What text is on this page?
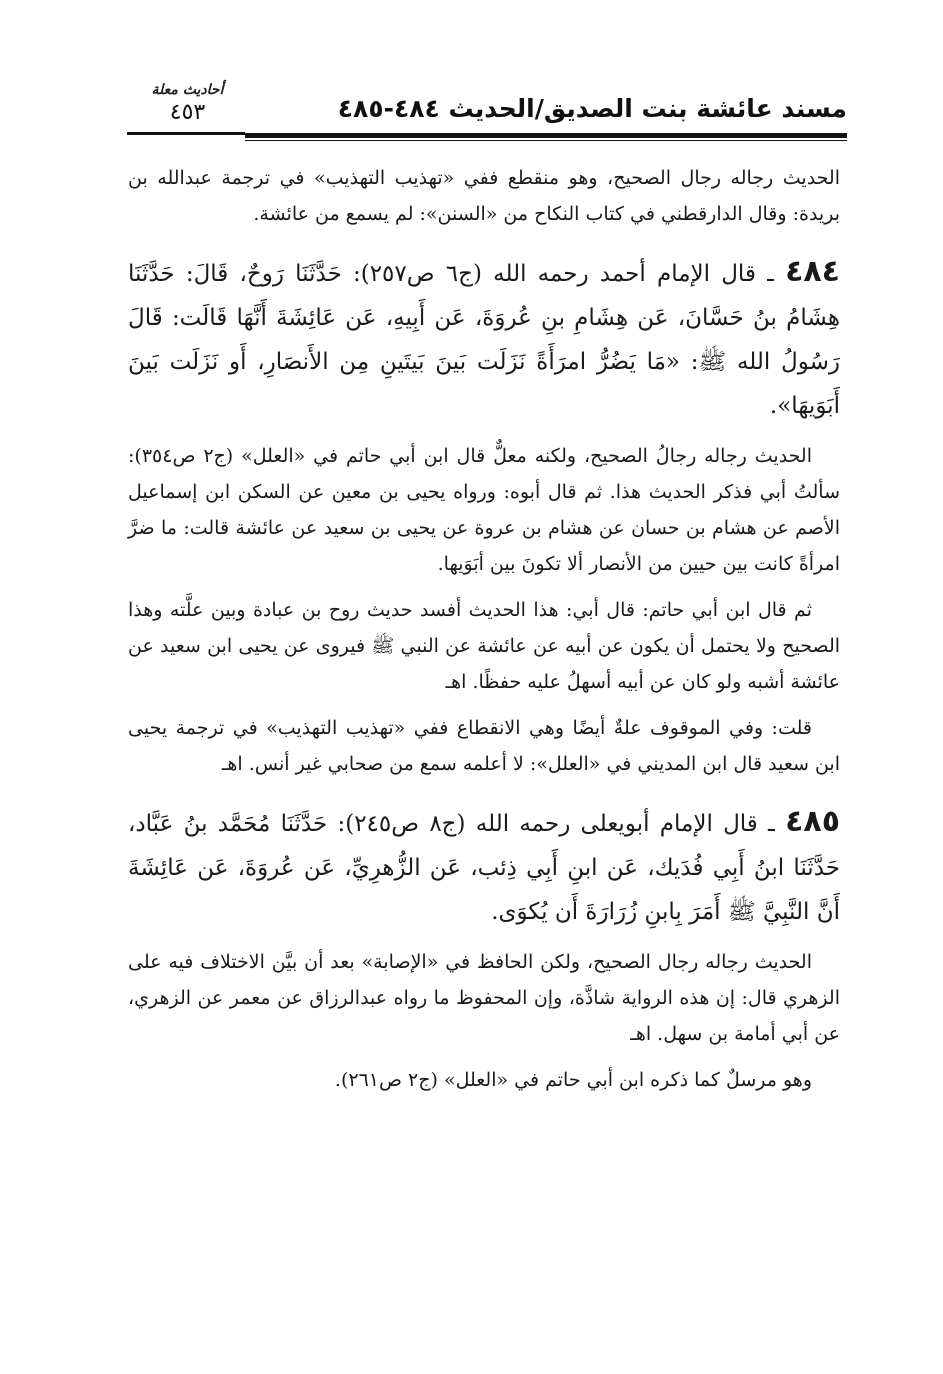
مسند عائشة بنت الصديق/الحديث ٤٨٤-٤٨٥
أحاديث معلة
٤٥٣

الحديث رجاله رجال الصحيح، وهو منقطع ففي «تهذيب التهذيب» في ترجمة عبدالله بن بريدة: وقال الدارقطني في كتاب النكاح من «السنن»: لم يسمع من عائشة.

٤٨٤ ـ قال الإمام أحمد رحمه الله (ج٦ ص٢٥٧): حَدَّثَنَا رَوحٌ، قَالَ: حَدَّثَنَا هِشَامُ بنُ حَسَّانَ، عَن هِشَامِ بنِ عُروَةَ، عَن أَبِيهِ، عَن عَائِشَةَ أَنَّهَا قَالَت: قَالَ رَسُولُ الله ﷺ: «مَا يَضُرُّ امرَأَةً نَزَلَت بَينَ بَيتَينِ مِن الأَنصَارِ، أَو نَزَلَت بَينَ أَبَوَيهَا».

الحديث رجاله رجالُ الصحيح، ولكنه معلٌّ قال ابن أبي حاتم في «العلل» (ج٢ ص٣٥٤): سألتُ أبي فذكر الحديث هذا. ثم قال أبوه: ورواه يحيى بن معين عن السكن ابن إسماعيل الأصم عن هشام بن حسان عن هشام بن عروة عن يحيى بن سعيد عن عائشة قالت: ما ضرَّ امرأةً كانت بين حيين من الأنصار ألا تكونَ بين أبَوَيها.

ثم قال ابن أبي حاتم: قال أبي: هذا الحديث أفسد حديث روح بن عبادة وبين علَّته وهذا الصحيح ولا يحتمل أن يكون عن أبيه عن عائشة عن النبي ﷺ فيروى عن يحيى ابن سعيد عن عائشة أشبه ولو كان عن أبيه أسهلُ عليه حفظًا. اهـ

قلت: وفي الموقوف علةٌ أيضًا وهي الانقطاع ففي «تهذيب التهذيب» في ترجمة يحيى ابن سعيد قال ابن المديني في «العلل»: لا أعلمه سمع من صحابي غير أنس. اهـ

٤٨٥ ـ قال الإمام أبويعلى رحمه الله (ج٨ ص٢٤٥): حَدَّثَنَا مُحَمَّد بنُ عَبَّاد، حَدَّثَنَا ابنُ أَبِي فُدَيك، عَن ابنِ أَبِي ذِئب، عَن الزُّهرِيِّ، عَن عُروَةَ، عَن عَائِشَةَ أَنَّ النَّبِيَّ ﷺ أَمَرَ بِابنِ زُرَارَةَ أَن يُكوَى.

الحديث رجاله رجال الصحيح، ولكن الحافظ في «الإصابة» بعد أن بيَّن الاختلاف فيه على الزهري قال: إن هذه الرواية شاذَّة، وإن المحفوظ ما رواه عبدالرزاق عن معمر عن الزهري، عن أبي أمامة بن سهل. اهـ

وهو مرسلٌ كما ذكره ابن أبي حاتم في «العلل» (ج٢ ص٢٦١).
